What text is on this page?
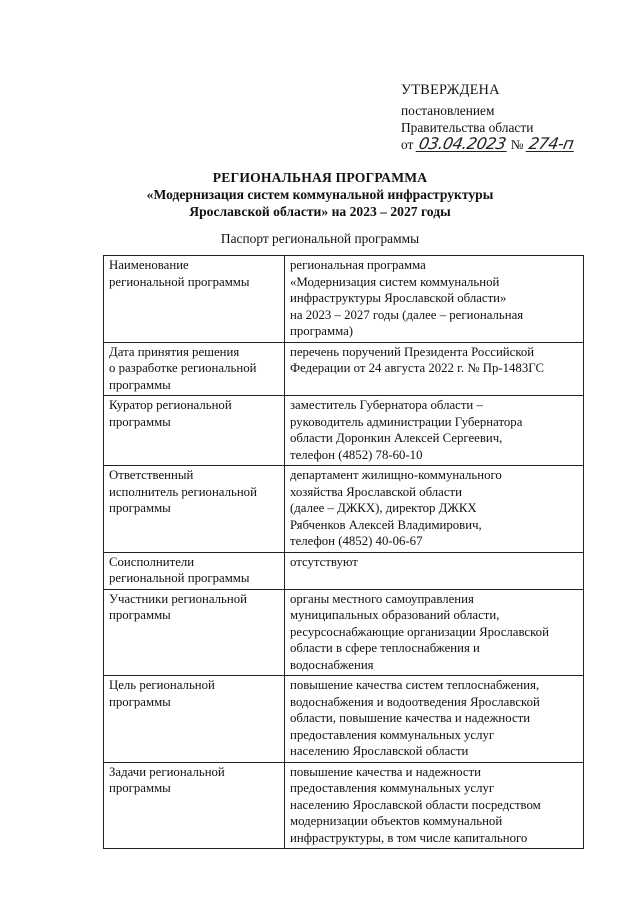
УТВЕРЖДЕНА
постановлением
Правительства области
от 03.04.2023 № 274-п
РЕГИОНАЛЬНАЯ ПРОГРАММА
«Модернизация систем коммунальной инфраструктуры
Ярославской области» на 2023 – 2027 годы
Паспорт региональной программы
Наименование
региональной программы	региональная программа
«Модернизация систем коммунальной
инфраструктуры Ярославской области»
на 2023 – 2027 годы (далее – региональная
программа)

Дата принятия решения
о разработке региональной
программы	перечень поручений Президента Российской
Федерации от 24 августа 2022 г. № Пр-1483ГС

Куратор региональной
программы	заместитель Губернатора области –
руководитель администрации Губернатора
области Доронкин Алексей Сергеевич,
телефон (4852) 78-60-10

Ответственный
исполнитель региональной
программы	департамент жилищно-коммунального
хозяйства Ярославской области
(далее – ДЖКХ), директор ДЖКХ
Рябченков Алексей Владимирович,
телефон (4852) 40-06-67

Соисполнители
региональной программы	отсутствуют

Участники региональной
программы	органы местного самоуправления
муниципальных образований области,
ресурсоснабжающие организации Ярославской
области в сфере теплоснабжения и
водоснабжения

Цель региональной
программы	повышение качества систем теплоснабжения,
водоснабжения и водоотведения Ярославской
области, повышение качества и надежности
предоставления коммунальных услуг
населению Ярославской области

Задачи региональной
программы	повышение качества и надежности
предоставления коммунальных услуг
населению Ярославской области посредством
модернизации объектов коммунальной
инфраструктуры, в том числе капитального
